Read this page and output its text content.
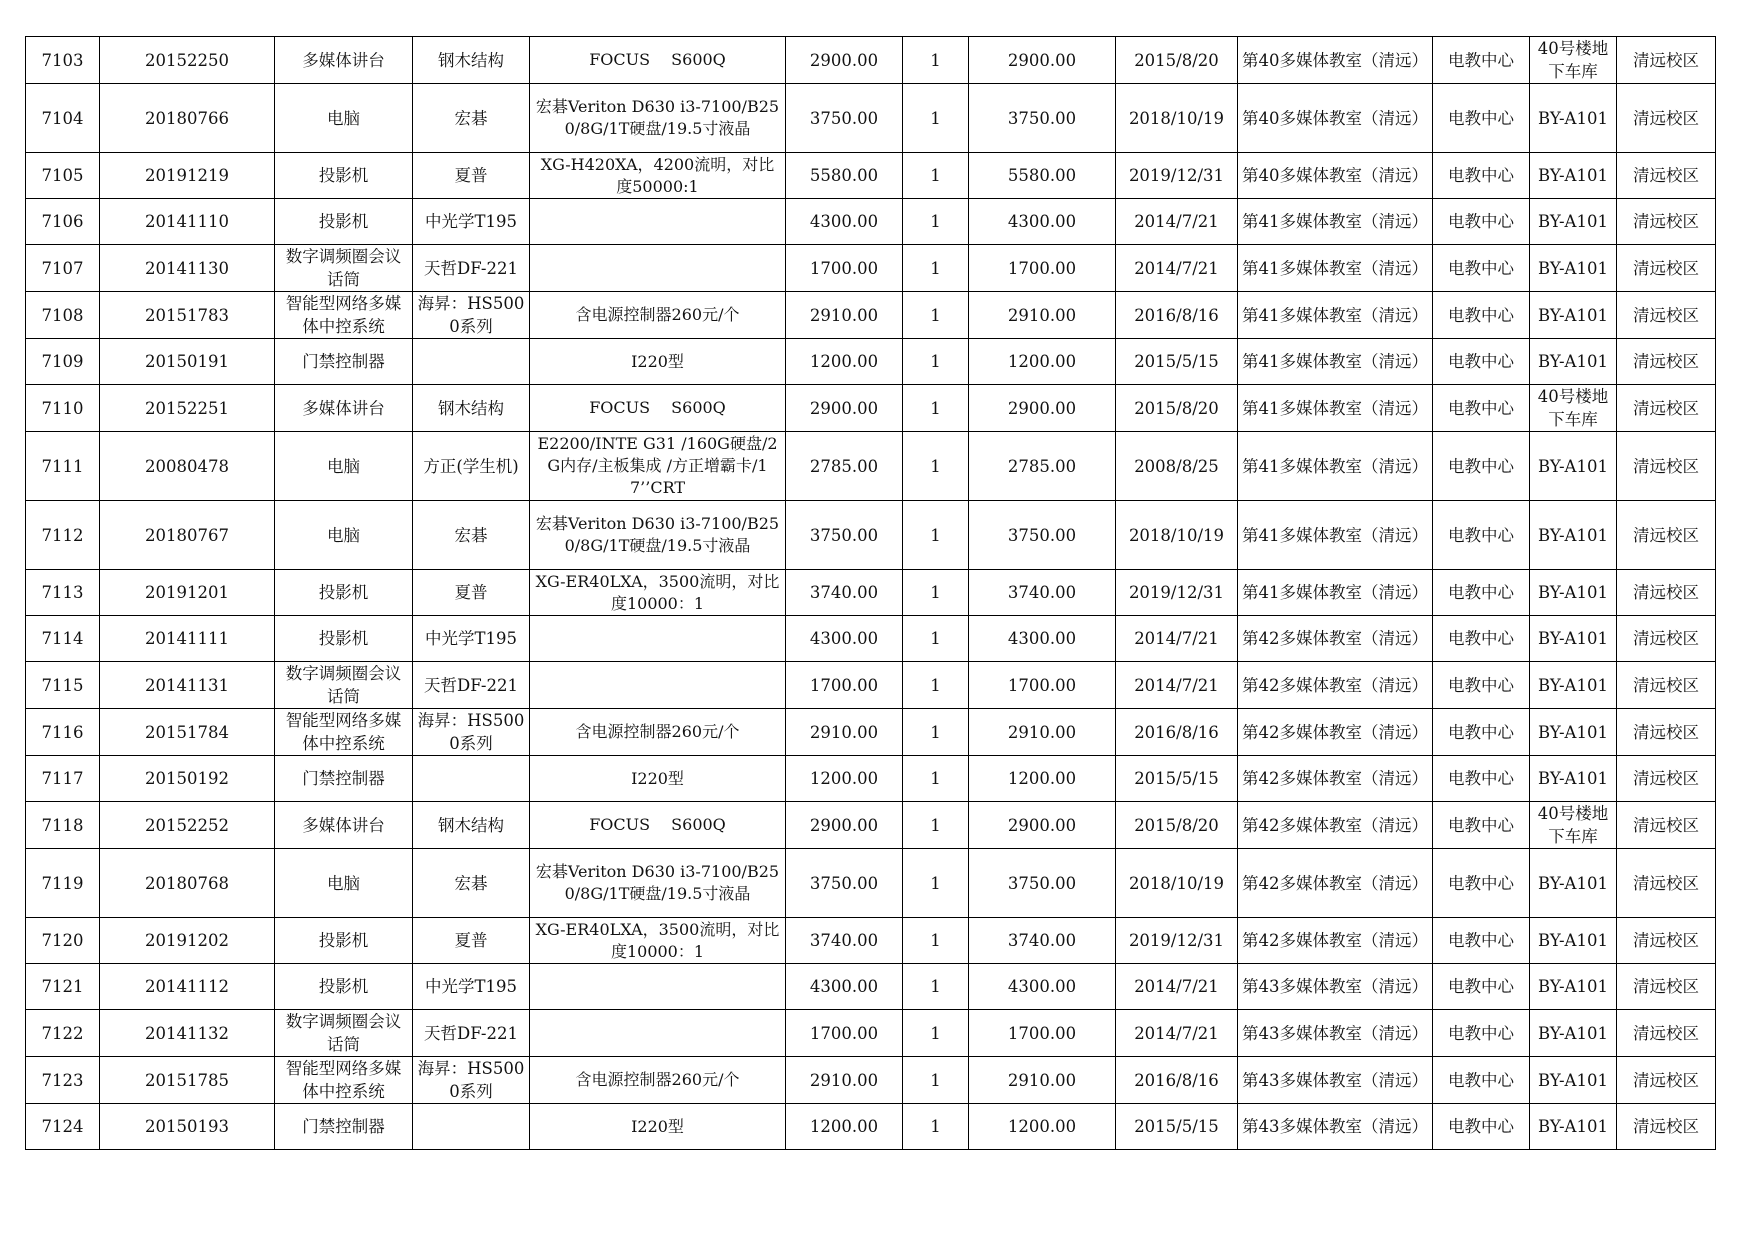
7103	20152250	多媒体讲台	钢木结构	FOCUS　 S600Q	2900.00	1	2900.00	2015/8/20	第40多媒体教室（清远）	电教中心	40号楼地下车库	清远校区
7104	20180766	电脑	宏碁	宏碁Veriton D630 i3-7100/B250/8G/1T硬盘/19.5寸液晶	3750.00	1	3750.00	2018/10/19	第40多媒体教室（清远）	电教中心	BY-A101	清远校区
7105	20191219	投影机	夏普	XG-H420XA，4200流明，对比度50000:1	5580.00	1	5580.00	2019/12/31	第40多媒体教室（清远）	电教中心	BY-A101	清远校区
7106	20141110	投影机	中光学T195		4300.00	1	4300.00	2014/7/21	第41多媒体教室（清远）	电教中心	BY-A101	清远校区
7107	20141130	数字调频圈会议话筒	天哲DF-221		1700.00	1	1700.00	2014/7/21	第41多媒体教室（清远）	电教中心	BY-A101	清远校区
7108	20151783	智能型网络多媒体中控系统	海昇：HS5000系列	含电源控制器260元/个	2910.00	1	2910.00	2016/8/16	第41多媒体教室（清远）	电教中心	BY-A101	清远校区
7109	20150191	门禁控制器		I220型	1200.00	1	1200.00	2015/5/15	第41多媒体教室（清远）	电教中心	BY-A101	清远校区
7110	20152251	多媒体讲台	钢木结构	FOCUS　 S600Q	2900.00	1	2900.00	2015/8/20	第41多媒体教室（清远）	电教中心	40号楼地下车库	清远校区
7111	20080478	电脑	方正(学生机)	E2200/INTE G31 /160G硬盘/2G内存/主板集成 /方正增霸卡/17’’CRT	2785.00	1	2785.00	2008/8/25	第41多媒体教室（清远）	电教中心	BY-A101	清远校区
7112	20180767	电脑	宏碁	宏碁Veriton D630 i3-7100/B250/8G/1T硬盘/19.5寸液晶	3750.00	1	3750.00	2018/10/19	第41多媒体教室（清远）	电教中心	BY-A101	清远校区
7113	20191201	投影机	夏普	XG-ER40LXA，3500流明，对比度10000：1	3740.00	1	3740.00	2019/12/31	第41多媒体教室（清远）	电教中心	BY-A101	清远校区
7114	20141111	投影机	中光学T195		4300.00	1	4300.00	2014/7/21	第42多媒体教室（清远）	电教中心	BY-A101	清远校区
7115	20141131	数字调频圈会议话筒	天哲DF-221		1700.00	1	1700.00	2014/7/21	第42多媒体教室（清远）	电教中心	BY-A101	清远校区
7116	20151784	智能型网络多媒体中控系统	海昇：HS5000系列	含电源控制器260元/个	2910.00	1	2910.00	2016/8/16	第42多媒体教室（清远）	电教中心	BY-A101	清远校区
7117	20150192	门禁控制器		I220型	1200.00	1	1200.00	2015/5/15	第42多媒体教室（清远）	电教中心	BY-A101	清远校区
7118	20152252	多媒体讲台	钢木结构	FOCUS　 S600Q	2900.00	1	2900.00	2015/8/20	第42多媒体教室（清远）	电教中心	40号楼地下车库	清远校区
7119	20180768	电脑	宏碁	宏碁Veriton D630 i3-7100/B250/8G/1T硬盘/19.5寸液晶	3750.00	1	3750.00	2018/10/19	第42多媒体教室（清远）	电教中心	BY-A101	清远校区
7120	20191202	投影机	夏普	XG-ER40LXA，3500流明，对比度10000：1	3740.00	1	3740.00	2019/12/31	第42多媒体教室（清远）	电教中心	BY-A101	清远校区
7121	20141112	投影机	中光学T195		4300.00	1	4300.00	2014/7/21	第43多媒体教室（清远）	电教中心	BY-A101	清远校区
7122	20141132	数字调频圈会议话筒	天哲DF-221		1700.00	1	1700.00	2014/7/21	第43多媒体教室（清远）	电教中心	BY-A101	清远校区
7123	20151785	智能型网络多媒体中控系统	海昇：HS5000系列	含电源控制器260元/个	2910.00	1	2910.00	2016/8/16	第43多媒体教室（清远）	电教中心	BY-A101	清远校区
7124	20150193	门禁控制器		I220型	1200.00	1	1200.00	2015/5/15	第43多媒体教室（清远）	电教中心	BY-A101	清远校区
